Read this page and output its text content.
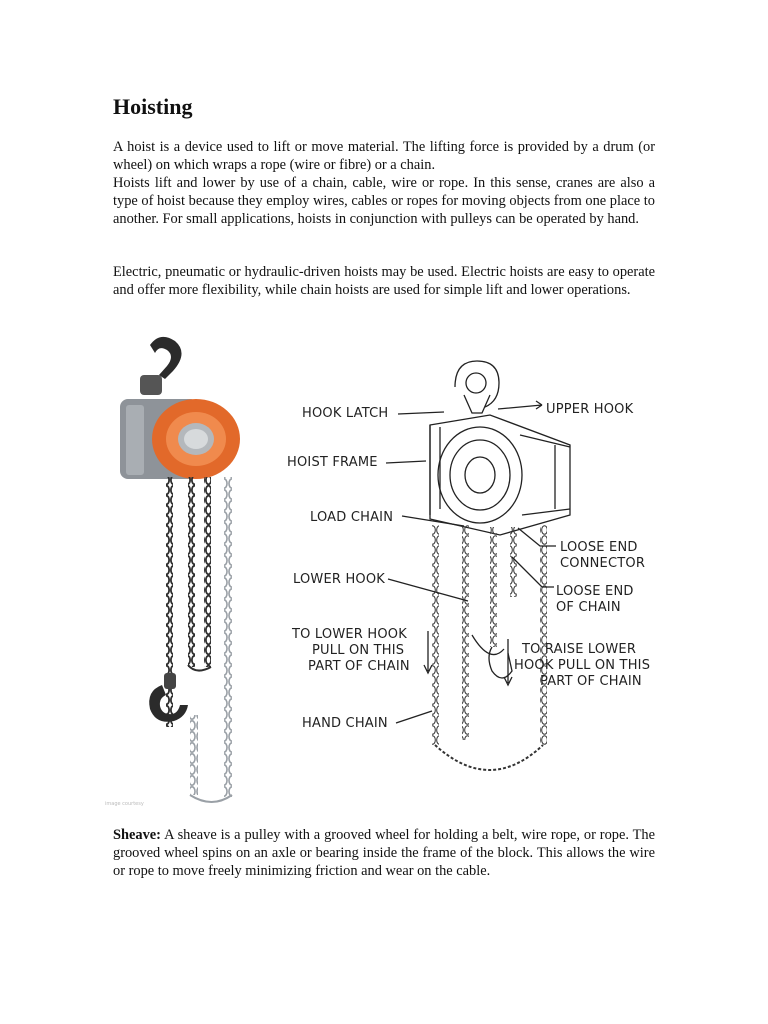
Hoisting

A hoist is a device used to lift or move material. The lifting force is provided by a drum (or wheel) on which wraps a rope (wire or fibre) or a chain.

Hoists lift and lower by use of a chain, cable, wire or rope. In this sense, cranes are also a type of hoist because they employ wires, cables or ropes for moving objects from one place to another. For small applications, hoists in conjunction with pulleys can be operated by hand.

Electric, pneumatic or hydraulic-driven hoists may be used. Electric hoists are easy to operate and offer more flexibility, while chain hoists are used for simple lift and lower operations.

image courtesy
HOOK LATCH	UPPER HOOK
HOIST FRAME
LOAD CHAIN
LOOSE END
CONNECTOR
LOWER HOOK
LOOSE END
OF CHAIN
TO LOWER HOOK
PULL ON THIS
PART OF CHAIN
TO RAISE LOWER
HOOK PULL ON THIS
PART OF CHAIN
HAND CHAIN

Sheave: A sheave is a pulley with a grooved wheel for holding a belt, wire rope, or rope. The grooved wheel spins on an axle or bearing inside the frame of the block. This allows the wire or rope to move freely minimizing friction and wear on the cable.
